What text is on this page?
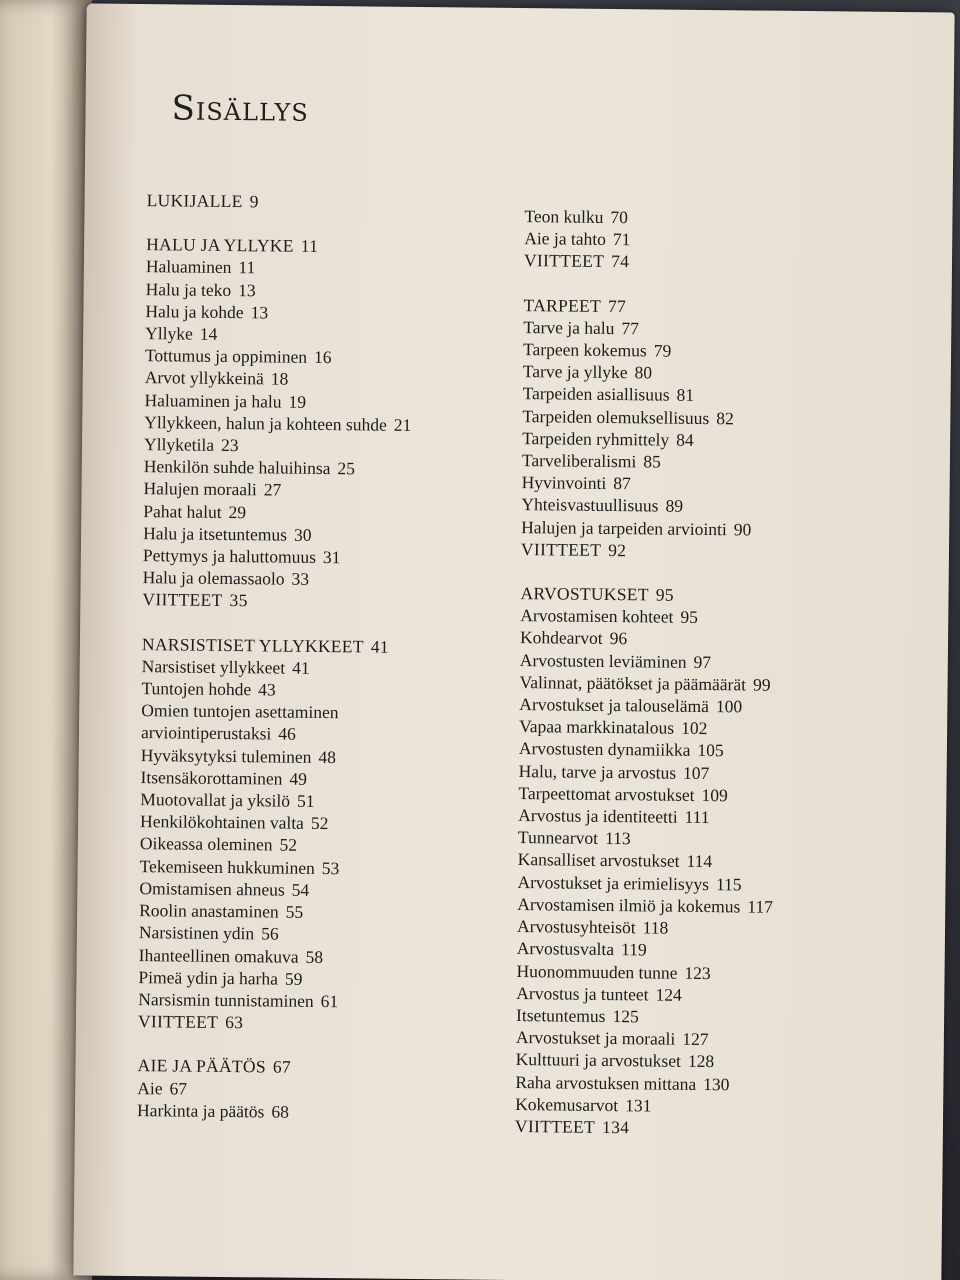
Sisällys
LUKIJALLE 9
HALU JA YLLYKE 11
Haluaminen 11
Halu ja teko 13
Halu ja kohde 13
Yllyke 14
Tottumus ja oppiminen 16
Arvot yllykkeinä 18
Haluaminen ja halu 19
Yllykkeen, halun ja kohteen suhde 21
Yllyketila 23
Henkilön suhde haluihinsa 25
Halujen moraali 27
Pahat halut 29
Halu ja itsetuntemus 30
Pettymys ja haluttomuus 31
Halu ja olemassaolo 33
VIITTEET 35
NARSISTISET YLLYKKEET 41
Narsistiset yllykkeet 41
Tuntojen hohde 43
Omien tuntojen asettaminen
arviointiperustaksi 46
Hyväksytyksi tuleminen 48
Itsensäkorottaminen 49
Muotovallat ja yksilö 51
Henkilökohtainen valta 52
Oikeassa oleminen 52
Tekemiseen hukkuminen 53
Omistamisen ahneus 54
Roolin anastaminen 55
Narsistinen ydin 56
Ihanteellinen omakuva 58
Pimeä ydin ja harha 59
Narsismin tunnistaminen 61
VIITTEET 63
AIE JA PÄÄTÖS 67
Aie 67
Harkinta ja päätös 68
Teon kulku 70
Aie ja tahto 71
VIITTEET 74
TARPEET 77
Tarve ja halu 77
Tarpeen kokemus 79
Tarve ja yllyke 80
Tarpeiden asiallisuus 81
Tarpeiden olemuksellisuus 82
Tarpeiden ryhmittely 84
Tarveliberalismi 85
Hyvinvointi 87
Yhteisvastuullisuus 89
Halujen ja tarpeiden arviointi 90
VIITTEET 92
ARVOSTUKSET 95
Arvostamisen kohteet 95
Kohdearvot 96
Arvostusten leviäminen 97
Valinnat, päätökset ja päämäärät 99
Arvostukset ja talouselämä 100
Vapaa markkinatalous 102
Arvostusten dynamiikka 105
Halu, tarve ja arvostus 107
Tarpeettomat arvostukset 109
Arvostus ja identiteetti 111
Tunnearvot 113
Kansalliset arvostukset 114
Arvostukset ja erimielisyys 115
Arvostamisen ilmiö ja kokemus 117
Arvostusyhteisöt 118
Arvostusvalta 119
Huonommuuden tunne 123
Arvostus ja tunteet 124
Itsetuntemus 125
Arvostukset ja moraali 127
Kulttuuri ja arvostukset 128
Raha arvostuksen mittana 130
Kokemusarvot 131
VIITTEET 134
